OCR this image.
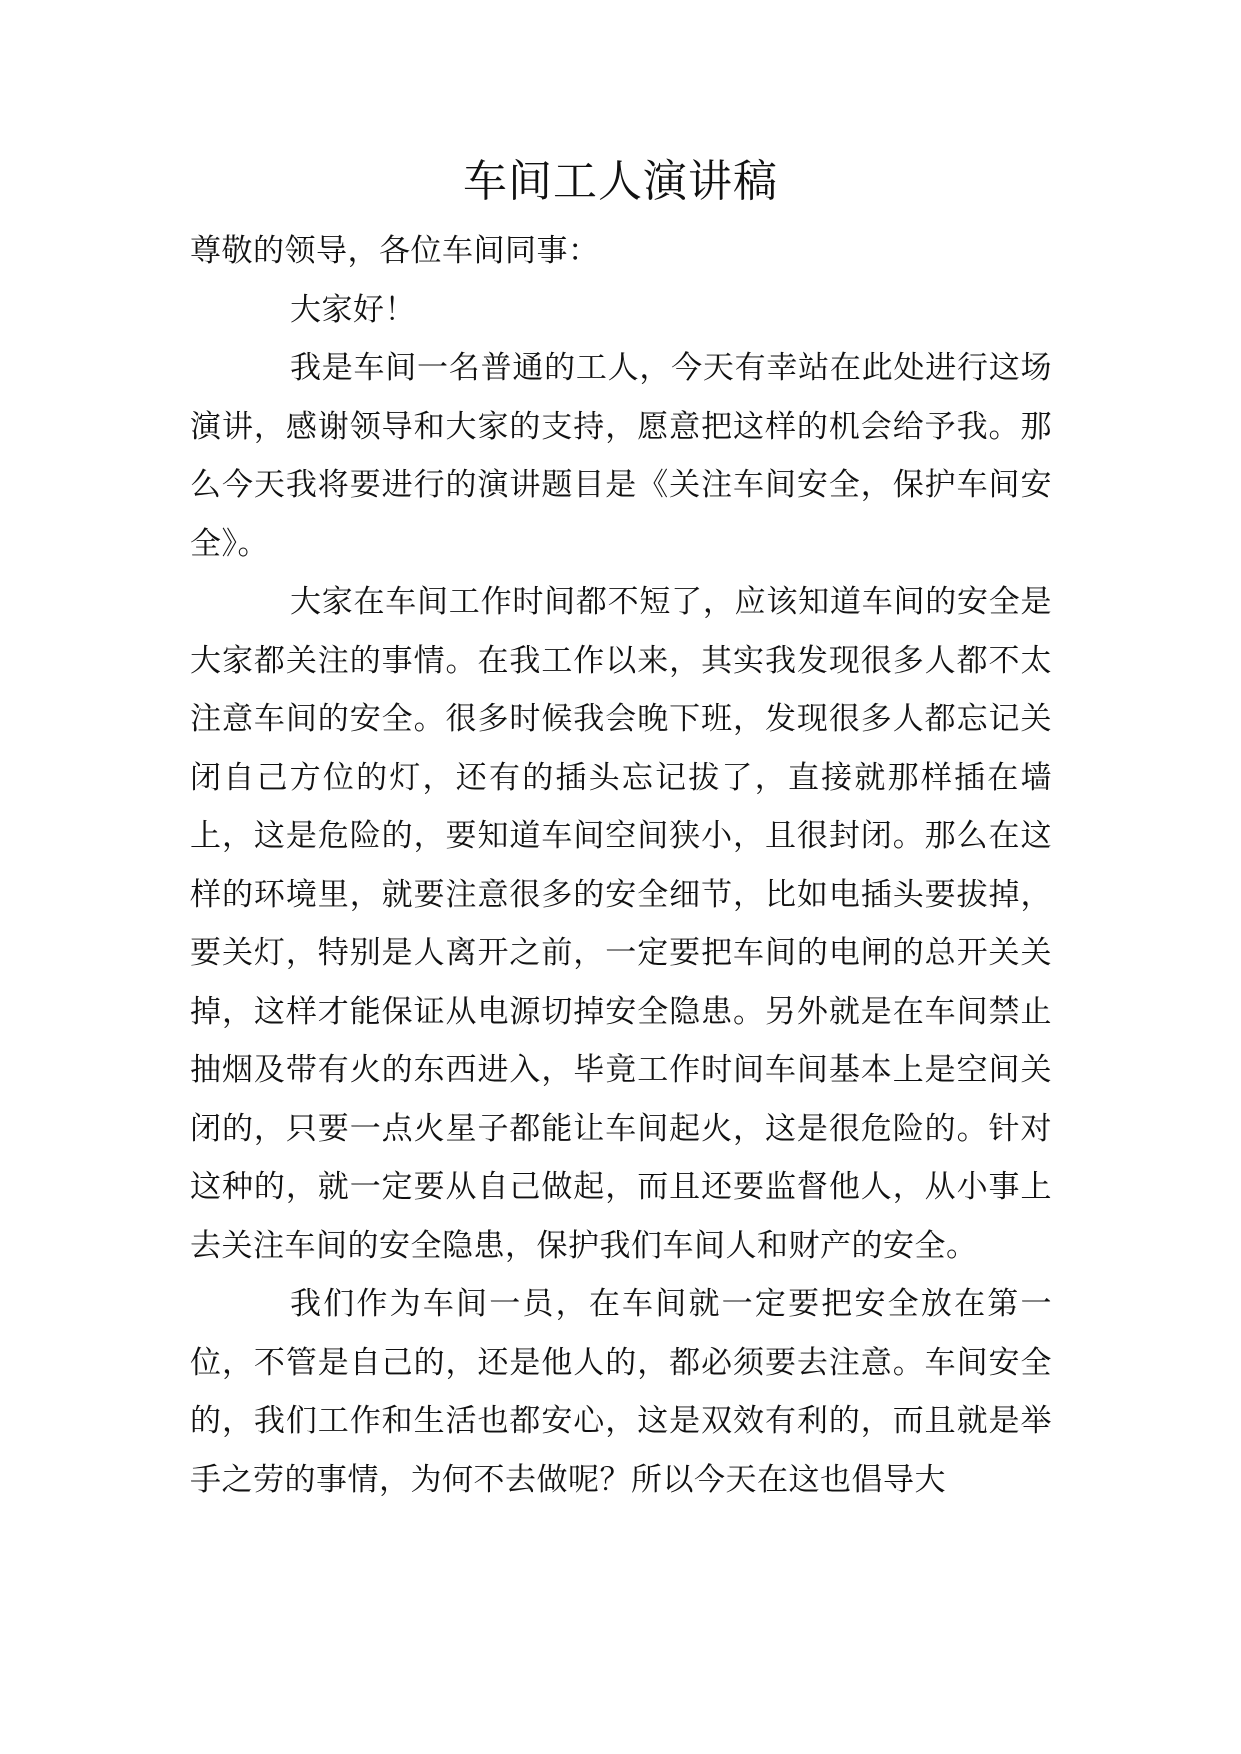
车间工人演讲稿

尊敬的领导，各位车间同事：

大家好！

我是车间一名普通的工人，今天有幸站在此处进行这场演讲，感谢领导和大家的支持，愿意把这样的机会给予我。那么今天我将要进行的演讲题目是《关注车间安全，保护车间安全》。

大家在车间工作时间都不短了，应该知道车间的安全是大家都关注的事情。在我工作以来，其实我发现很多人都不太注意车间的安全。很多时候我会晚下班，发现很多人都忘记关闭自己方位的灯，还有的插头忘记拔了，直接就那样插在墙上，这是危险的，要知道车间空间狭小，且很封闭。那么在这样的环境里，就要注意很多的安全细节，比如电插头要拔掉，要关灯，特别是人离开之前，一定要把车间的电闸的总开关关掉，这样才能保证从电源切掉安全隐患。另外就是在车间禁止抽烟及带有火的东西进入，毕竟工作时间车间基本上是空间关闭的，只要一点火星子都能让车间起火，这是很危险的。针对这种的，就一定要从自己做起，而且还要监督他人，从小事上去关注车间的安全隐患，保护我们车间人和财产的安全。

我们作为车间一员，在车间就一定要把安全放在第一位，不管是自己的，还是他人的，都必须要去注意。车间安全的，我们工作和生活也都安心，这是双效有利的，而且就是举手之劳的事情，为何不去做呢？所以今天在这也倡导大
